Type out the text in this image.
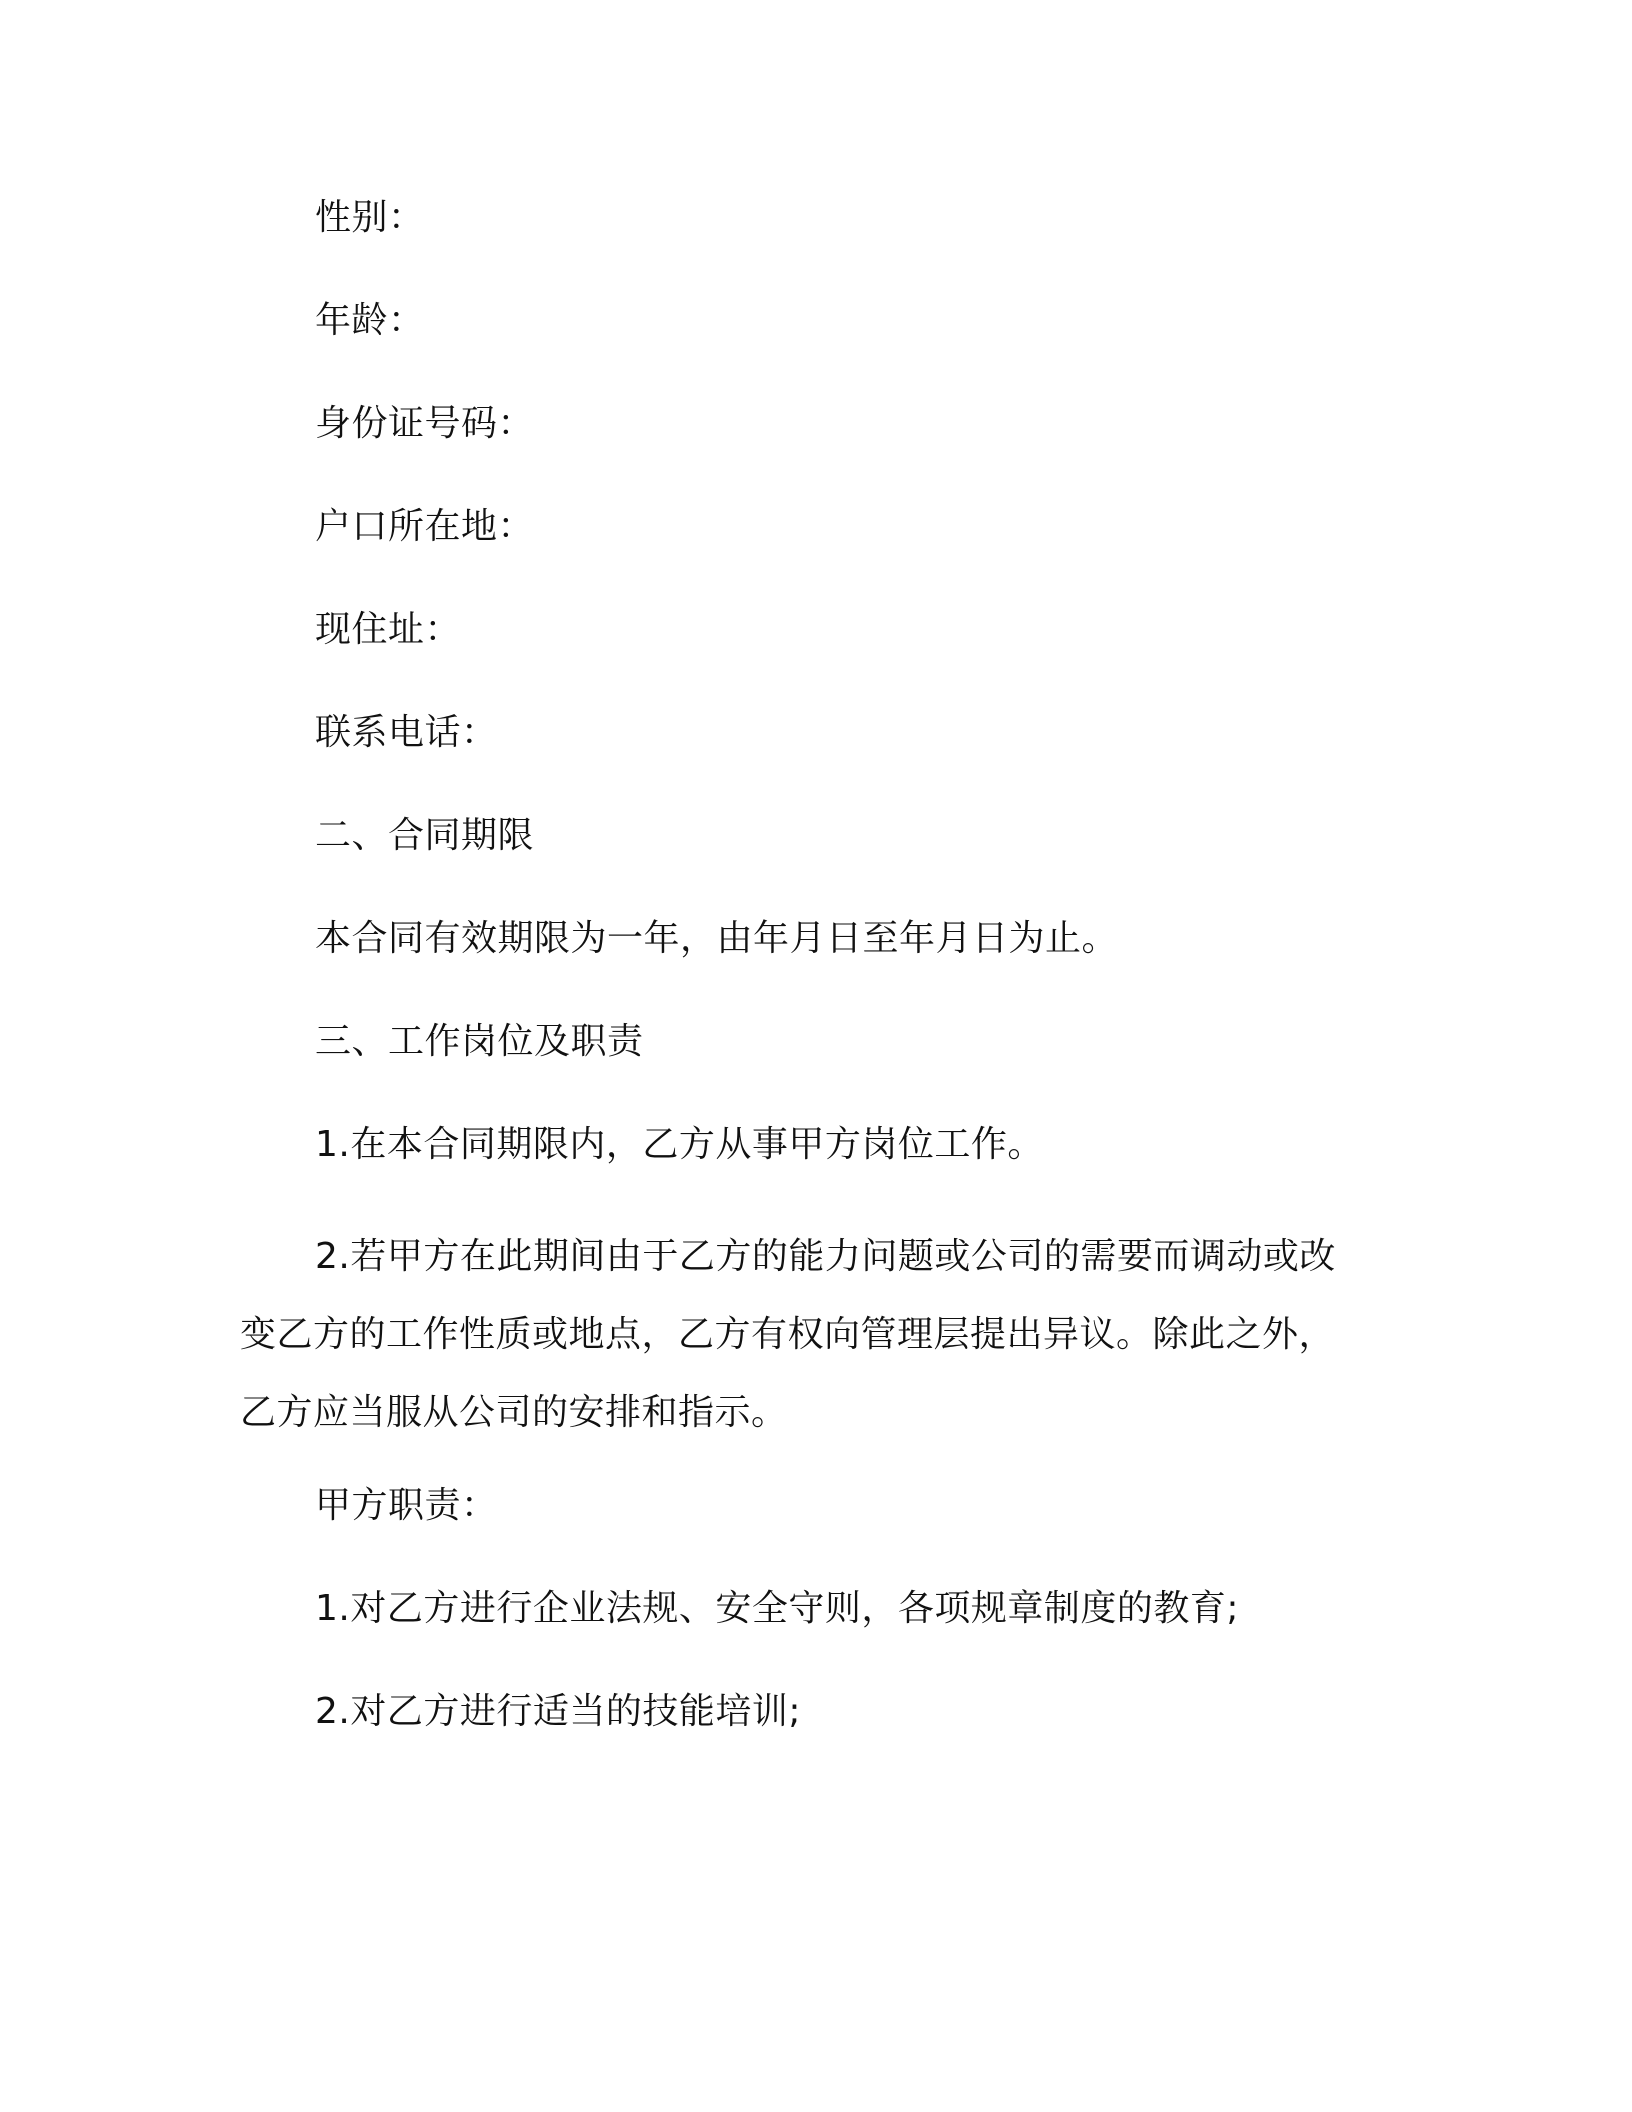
性别：
年龄：
身份证号码：
户口所在地：
现住址：
联系电话：
二、合同期限
本合同有效期限为一年，由年月日至年月日为止。
三、工作岗位及职责
1.在本合同期限内，乙方从事甲方岗位工作。
2.若甲方在此期间由于乙方的能力问题或公司的需要而调动或改变乙方的工作性质或地点，乙方有权向管理层提出异议。除此之外，乙方应当服从公司的安排和指示。
甲方职责：
1.对乙方进行企业法规、安全守则，各项规章制度的教育;
2.对乙方进行适当的技能培训;
